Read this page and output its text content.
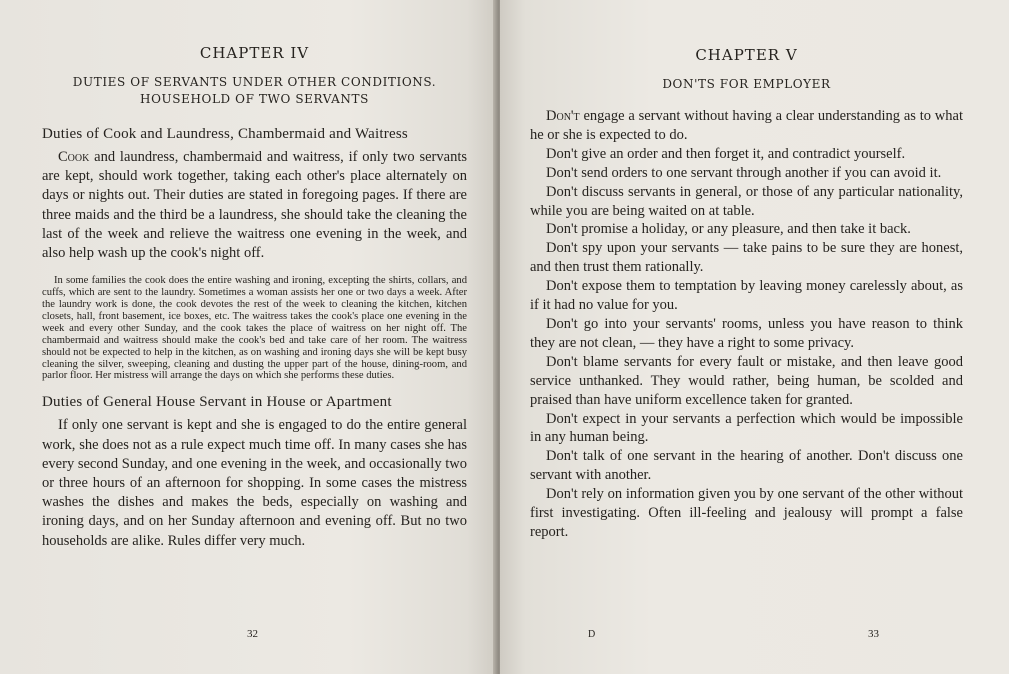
CHAPTER IV
DUTIES OF SERVANTS UNDER OTHER CONDITIONS. HOUSEHOLD OF TWO SERVANTS
Duties of Cook and Laundress, Chambermaid and Waitress

Cook and laundress, chambermaid and waitress, if only two servants are kept, should work together, taking each other's place alternately on days or nights out. Their duties are stated in foregoing pages. If there are three maids and the third be a laundress, she should take the cleaning the last of the week and relieve the waitress one evening in the week, and also help wash up the cook's night off.

In some families the cook does the entire washing and ironing, excepting the shirts, collars, and cuffs, which are sent to the laundry. Sometimes a woman assists her one or two days a week. After the laundry work is done, the cook devotes the rest of the week to cleaning the kitchen, kitchen closets, hall, front basement, ice boxes, etc. The waitress takes the cook's place one evening in the week and every other Sunday, and the cook takes the place of waitress on her night off. The chambermaid and waitress should make the cook's bed and take care of her room. The waitress should not be expected to help in the kitchen, as on washing and ironing days she will be kept busy cleaning the silver, sweeping, cleaning and dusting the upper part of the house, dining-room, and parlor floor. Her mistress will arrange the days on which she performs these duties.

Duties of General House Servant in House or Apartment

If only one servant is kept and she is engaged to do the entire general work, she does not as a rule expect much time off. In many cases she has every second Sunday, and one evening in the week, and occasionally two or three hours of an afternoon for shopping. In some cases the mistress washes the dishes and makes the beds, especially on washing and ironing days, and on her Sunday afternoon and evening off. But no two households are alike. Rules differ very much.

32
CHAPTER V
DON'TS FOR EMPLOYER

Don't engage a servant without having a clear understanding as to what he or she is expected to do.

Don't give an order and then forget it, and contradict yourself.

Don't send orders to one servant through another if you can avoid it.

Don't discuss servants in general, or those of any particular nationality, while you are being waited on at table.

Don't promise a holiday, or any pleasure, and then take it back.

Don't spy upon your servants — take pains to be sure they are honest, and then trust them rationally.

Don't expose them to temptation by leaving money carelessly about, as if it had no value for you.

Don't go into your servants' rooms, unless you have reason to think they are not clean, — they have a right to some privacy.

Don't blame servants for every fault or mistake, and then leave good service unthanked. They would rather, being human, be scolded and praised than have uniform excellence taken for granted.

Don't expect in your servants a perfection which would be impossible in any human being.

Don't talk of one servant in the hearing of another. Don't discuss one servant with another.

Don't rely on information given you by one servant of the other without first investigating. Often ill-feeling and jealousy will prompt a false report.

D	33
